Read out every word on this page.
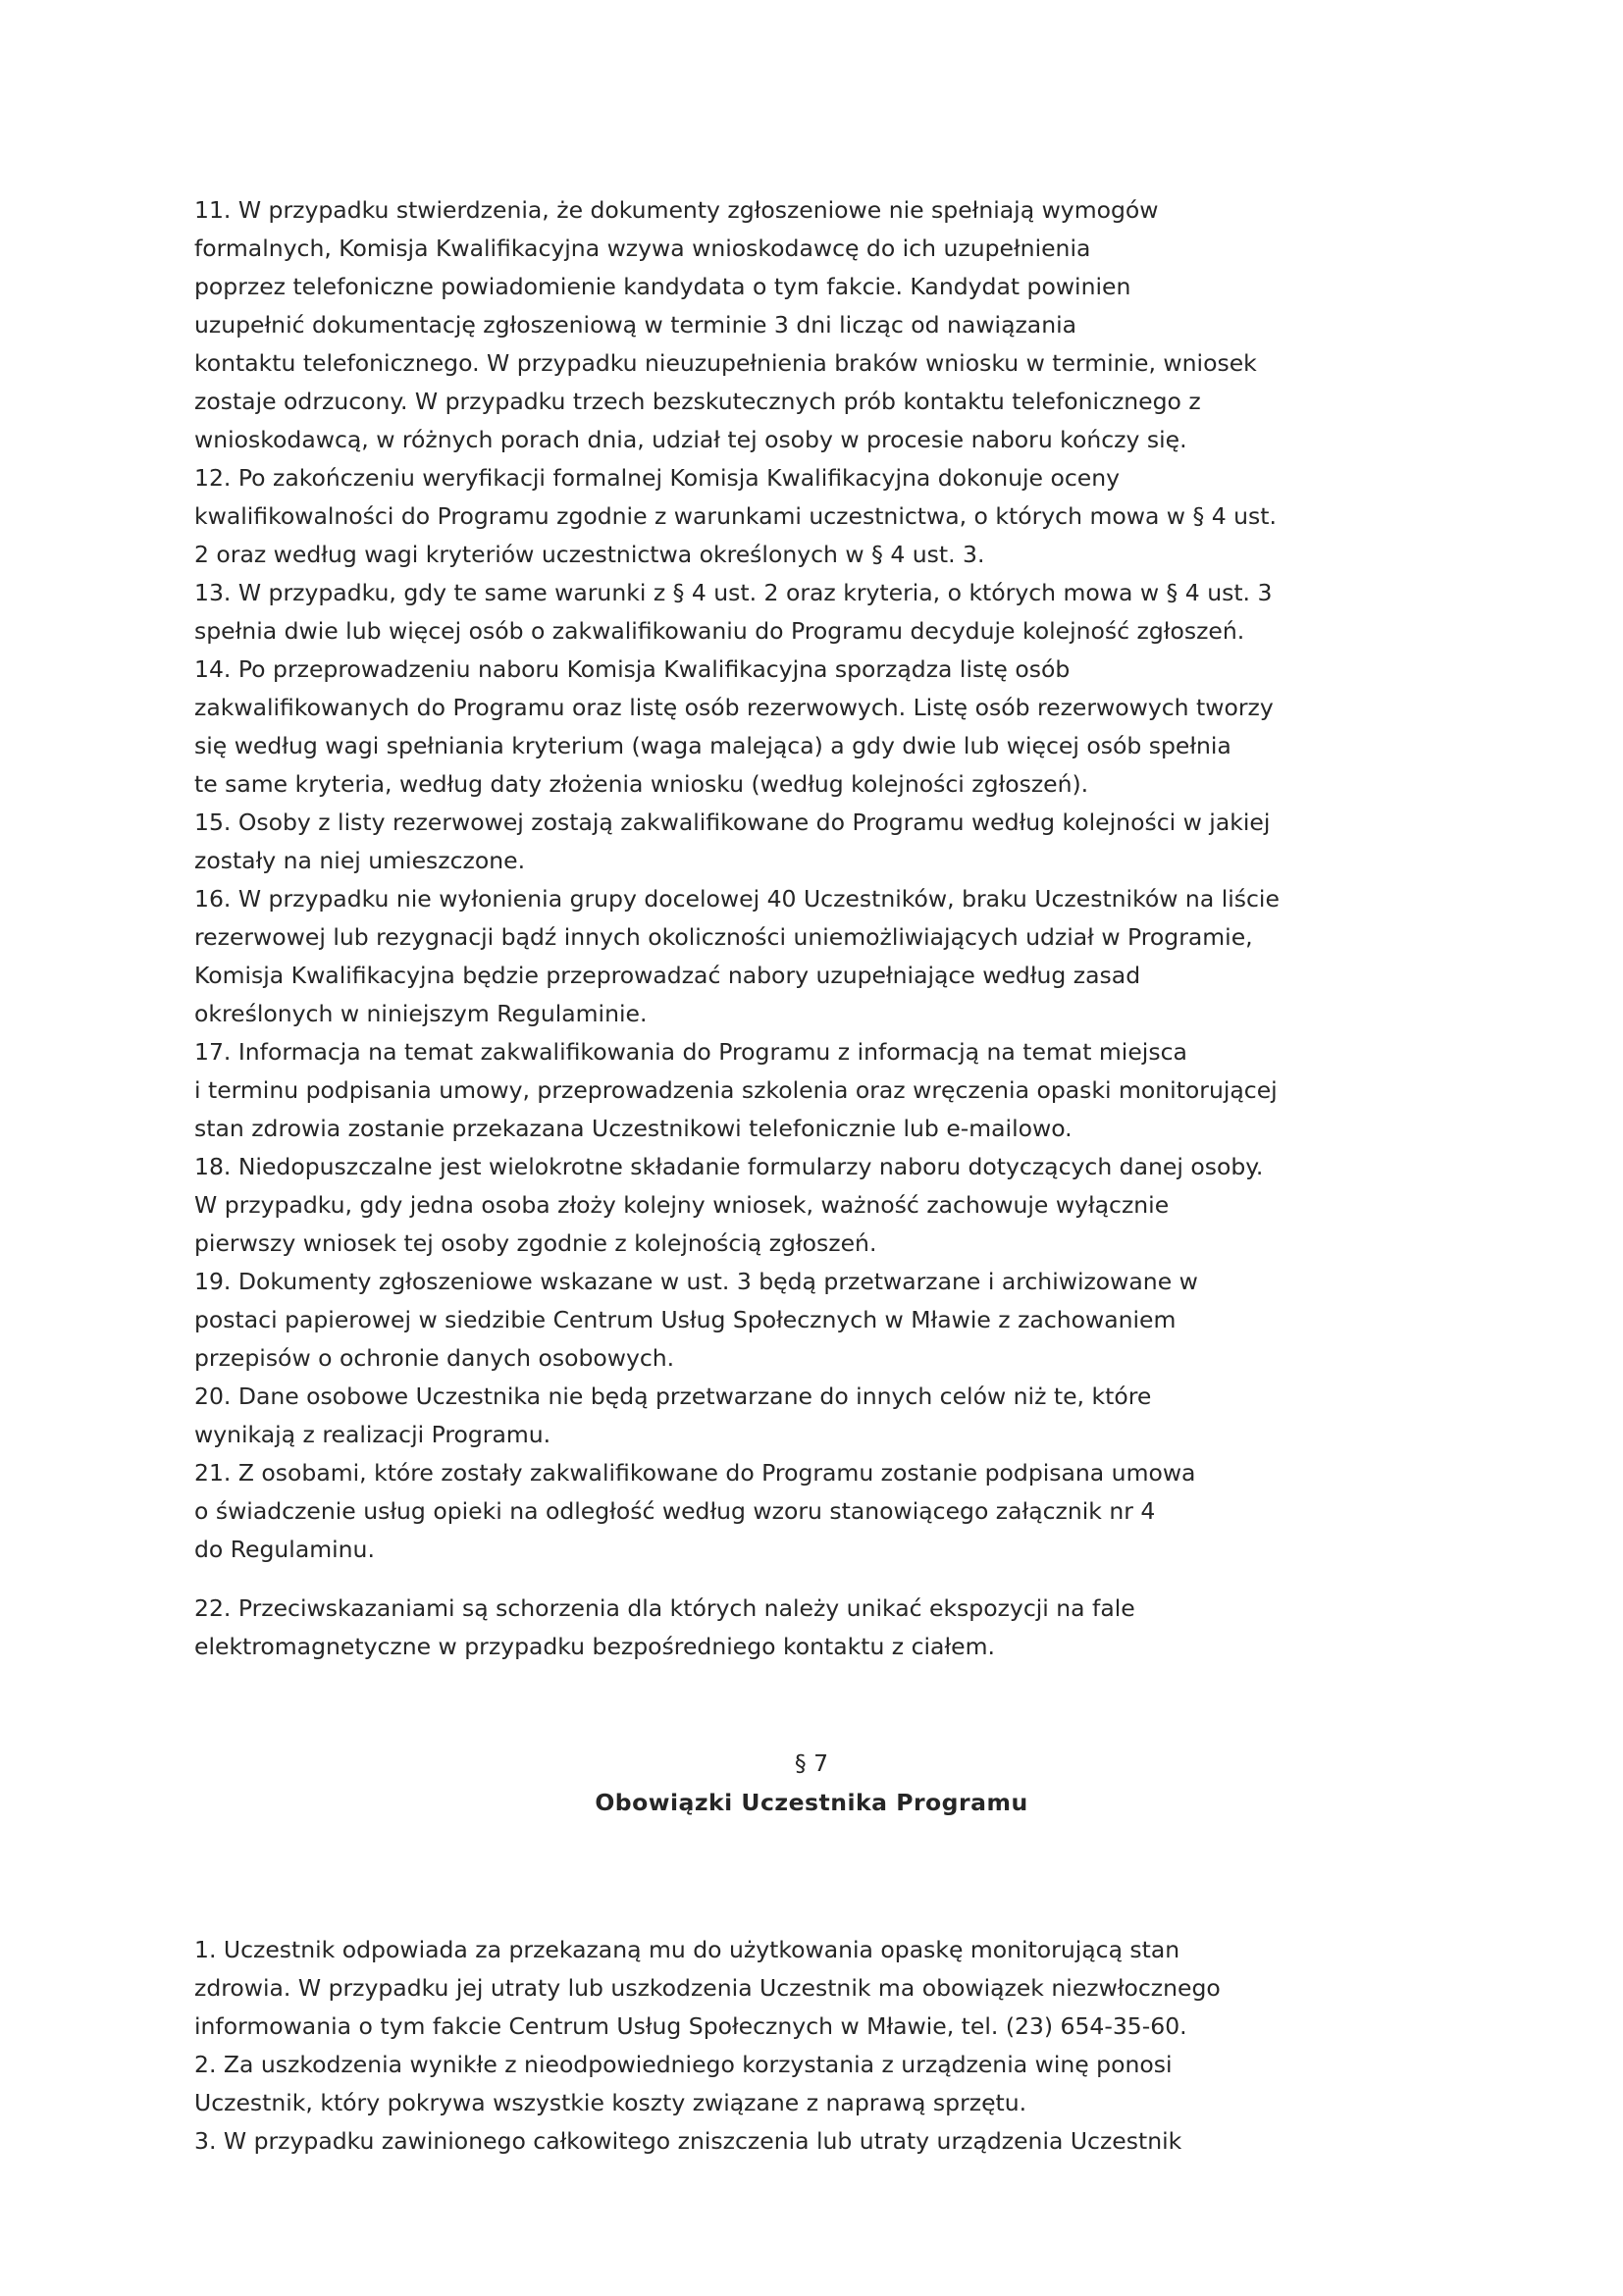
11. W przypadku stwierdzenia, że dokumenty zgłoszeniowe nie spełniają wymogów
formalnych, Komisja Kwalifikacyjna wzywa wnioskodawcę do ich uzupełnienia
poprzez telefoniczne powiadomienie kandydata o tym fakcie. Kandydat powinien
uzupełnić dokumentację zgłoszeniową w terminie 3 dni licząc od nawiązania
kontaktu telefonicznego. W przypadku nieuzupełnienia braków wniosku w terminie, wniosek
zostaje odrzucony. W przypadku trzech bezskutecznych prób kontaktu telefonicznego z
wnioskodawcą, w różnych porach dnia, udział tej osoby w procesie naboru kończy się.

12. Po zakończeniu weryfikacji formalnej Komisja Kwalifikacyjna dokonuje oceny
kwalifikowalności do Programu zgodnie z warunkami uczestnictwa, o których mowa w § 4 ust.
2 oraz według wagi kryteriów uczestnictwa określonych w § 4 ust. 3.

13. W przypadku, gdy te same warunki z § 4 ust. 2 oraz kryteria, o których mowa w § 4 ust. 3
spełnia dwie lub więcej osób o zakwalifikowaniu do Programu decyduje kolejność zgłoszeń.

14. Po przeprowadzeniu naboru Komisja Kwalifikacyjna sporządza listę osób
zakwalifikowanych do Programu oraz listę osób rezerwowych. Listę osób rezerwowych tworzy
się według wagi spełniania kryterium (waga malejąca) a gdy dwie lub więcej osób spełnia
te same kryteria, według daty złożenia wniosku (według kolejności zgłoszeń).

15. Osoby z listy rezerwowej zostają zakwalifikowane do Programu według kolejności w jakiej
zostały na niej umieszczone.

16. W przypadku nie wyłonienia grupy docelowej 40 Uczestników, braku Uczestników na liście
rezerwowej lub rezygnacji bądź innych okoliczności uniemożliwiających udział w Programie,
Komisja Kwalifikacyjna będzie przeprowadzać nabory uzupełniające według zasad
określonych w niniejszym Regulaminie.

17. Informacja na temat zakwalifikowania do Programu z informacją na temat miejsca
i terminu podpisania umowy, przeprowadzenia szkolenia oraz wręczenia opaski monitorującej
stan zdrowia zostanie przekazana Uczestnikowi telefonicznie lub e-mailowo.

18. Niedopuszczalne jest wielokrotne składanie formularzy naboru dotyczących danej osoby.
W przypadku, gdy jedna osoba złoży kolejny wniosek, ważność zachowuje wyłącznie
pierwszy wniosek tej osoby zgodnie z kolejnością zgłoszeń.

19. Dokumenty zgłoszeniowe wskazane w ust. 3 będą przetwarzane i archiwizowane w
postaci papierowej w siedzibie Centrum Usług Społecznych w Mławie z zachowaniem
przepisów o ochronie danych osobowych.

20. Dane osobowe Uczestnika nie będą przetwarzane do innych celów niż te, które
wynikają z realizacji Programu.

21. Z osobami, które zostały zakwalifikowane do Programu zostanie podpisana umowa
o świadczenie usług opieki na odległość według wzoru stanowiącego załącznik nr 4
do Regulaminu.

22. Przeciwskazaniami są schorzenia dla których należy unikać ekspozycji na fale
elektromagnetyczne w przypadku bezpośredniego kontaktu z ciałem.

§ 7
Obowiązki Uczestnika Programu

1. Uczestnik odpowiada za przekazaną mu do użytkowania opaskę monitorującą stan
zdrowia. W przypadku jej utraty lub uszkodzenia Uczestnik ma obowiązek niezwłocznego
informowania o tym fakcie Centrum Usług Społecznych w Mławie, tel. (23) 654-35-60.

2. Za uszkodzenia wynikłe z nieodpowiedniego korzystania z urządzenia winę ponosi
Uczestnik, który pokrywa wszystkie koszty związane z naprawą sprzętu.

3. W przypadku zawinionego całkowitego zniszczenia lub utraty urządzenia Uczestnik
